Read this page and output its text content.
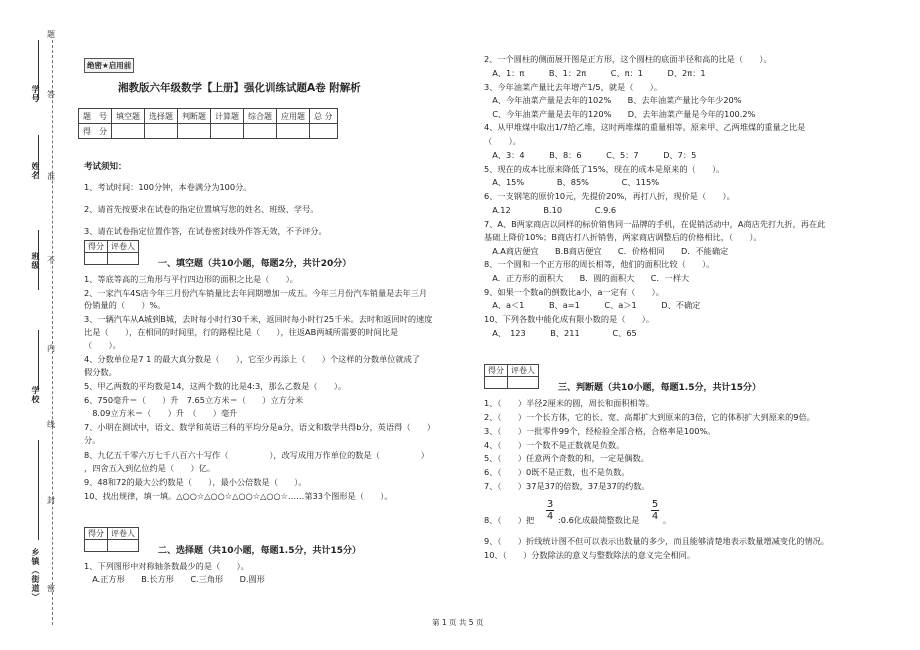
学号
姓名
班级
学校
乡镇（街道）
题
答
准
不
内
线
封
密
绝密★启用前
湘教版六年级数学【上册】强化训练试题A卷 附解析
题　号	填空题	选择题	判断题	计算题	综合题	应用题	总 分
得　分							
考试须知：
1、考试时间：100分钟，本卷满分为100分。
2、请首先按要求在试卷的指定位置填写您的姓名、班级、学号。
3、请在试卷指定位置作答，在试卷密封线外作答无效，不予评分。
得分	评卷人

一、填空题（共10小题，每题2分，共计20分）
1、等底等高的三角形与平行四边形的面积之比是（　　）。
2、一家汽车4S店今年三月份汽车销量比去年同期增加一成五。今年三月份汽车销量是去年三月
份销量的（　　）%。
3、一辆汽车从A城到B城，去时每小时行30千米，返回时每小时行25千米。去时和返回时的速度
比是（　　），在相同的时间里，行的路程比是（　　），往返AB两城所需要的时间比是
（　　）。
4、分数单位是7 1 的最大真分数是（　　），它至少再添上（　　）个这样的分数单位就成了
假分数。
5、甲乙两数的平均数是14，这两个数的比是4:3，那么乙数是（　　）。
6、750毫升＝（　　）升　7.65立方米＝（　　）立方分米
　8.09立方米＝（　　）升　（　　）毫升
7、小明在测试中，语文、数学和英语三科的平均分是a分，语文和数学共得b分，英语得（　　）
分。
8、九亿五千零六万七千八百六十写作（　　　　　），改写成用万作单位的数是（　　　　　）
，四舍五入到亿位约是（　　）亿。
9、48和72的最大公约数是（　　），最小公倍数是（　　）。
10、找出规律，填一填。△○○☆△○○☆△○○☆△○○☆……第33个图形是（　　）。
得分	评卷人

二、选择题（共10小题，每题1.5分，共计15分）
1、下列图形中对称轴条数最少的是（　　）。
　A.正方形　　B.长方形　　C.三角形　　D.圆形
2、一个圆柱的侧面展开图是正方形，这个圆柱的底面半径和高的比是（　　）。
　A、1：π　　　B、1：2π　　　C、π：1　　　D、2π：1
3、今年油菜产量比去年增产1/5，就是（　　）。
　A、今年油菜产量是去年的102%　　B、去年油菜产量比今年少20%
　C、今年油菜产量是去年的120%　　D、去年油菜产量是今年的100.2%
4、从甲堆煤中取出1/7给乙堆，这时两堆煤的重量相等。原来甲、乙两堆煤的重量之比是
（　　）。
　A、3：4　　　B、8：6　　　C、5：7　　　D、7：5
5、现在的成本比原来降低了15%，现在的成本是原来的（　　）。
　A、15%　　　　B、85%　　　　C、115%
6、一支钢笔的原价10元，先提价20%，再打八折，现价是（　　）。
　A.12　　　　B.10　　　　C.9.6
7、A、B两家商店以同样的标价销售同一品牌的手机，在促销活动中，A商店先打九折，再在此
基础上降价10%；B商店打八折销售，两家商店调整后的价格相比，（　　）。
　A.A商店便宜　　B.B商店便宜　　C．价格相同　　D．不能确定
8、一个圆和一个正方形的周长相等，他们的面积比较（　　）。
　A．正方形的面积大　　B．圆的面积大　　C．一样大
9、如果一个数a的倒数比a小，a一定有（　　）。
　A、a＜1　　　B、a=1　　　C、a＞1　　　D、不确定
10、下列各数中能化成有限小数的是（　　）。
　A、　123　　　B、211　　　　C、65
得分	评卷人

三、判断题（共10小题，每题1.5分，共计15分）
1、（　　）半径2厘米的圆，周长和面积相等。
2、（　　）一个长方体，它的长、宽、高都扩大到原来的3倍，它的体积扩大到原来的9倍。
3、（　　）一批零件99个，经检验全部合格，合格率是100%。
4、（　　）一个数不是正数就是负数。
5、（　　）任意两个奇数的和，一定是偶数。
6、（　　）0既不是正数，也不是负数。
7、（　　）37是37的倍数，37是37的约数。
8、（　　）把
3
4 :0.6化成最简整数比是
5
4 。
9、（　　）折线统计图不但可以表示出数量的多少，而且能够清楚地表示数量增减变化的情况。
10、（　　）分数除法的意义与整数除法的意义完全相同。
第 1 页 共 5 页
